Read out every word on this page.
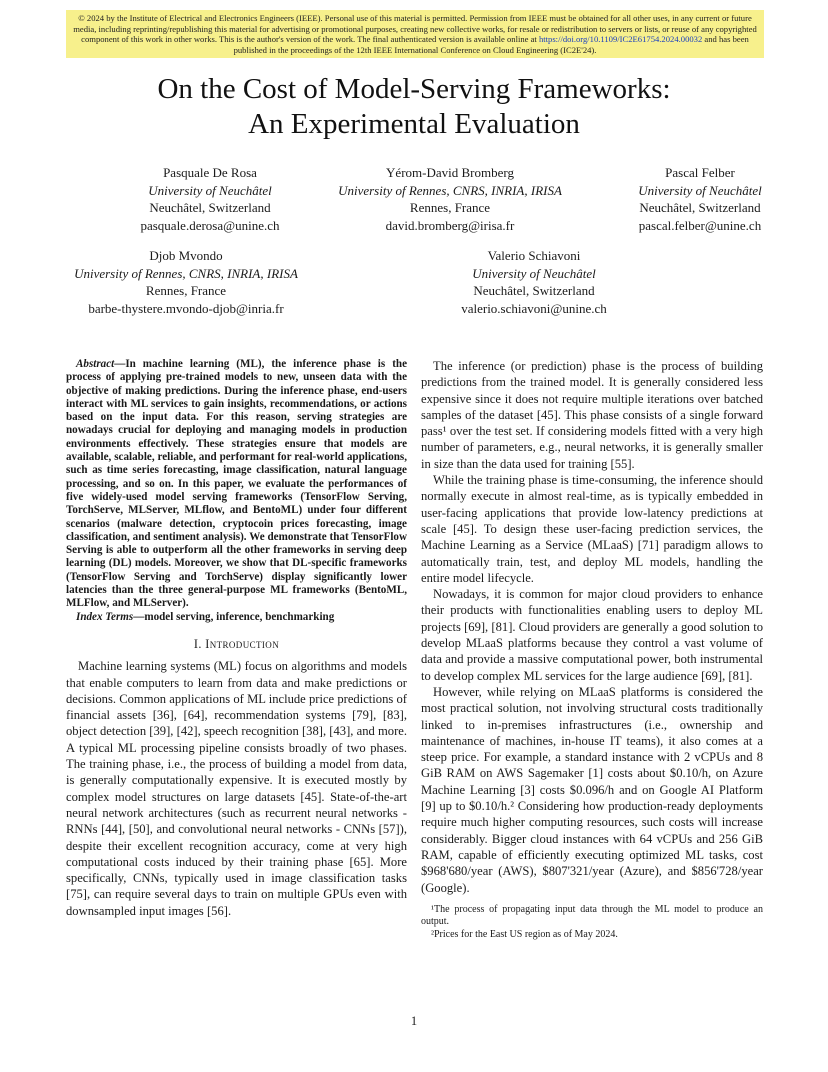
© 2024 by the Institute of Electrical and Electronics Engineers (IEEE). Personal use of this material is permitted. Permission from IEEE must be obtained for all other uses, in any current or future media, including reprinting/republishing this material for advertising or promotional purposes, creating new collective works, for resale or redistribution to servers or lists, or reuse of any copyrighted component of this work in other works. This is the author's version of the work. The final authenticated version is available online at https://doi.org/10.1109/IC2E61754.2024.00032 and has been published in the proceedings of the 12th IEEE International Conference on Cloud Engineering (IC2E'24).
On the Cost of Model-Serving Frameworks:
An Experimental Evaluation
Pasquale De Rosa
University of Neuchâtel
Neuchâtel, Switzerland
pasquale.derosa@unine.ch
Yérom-David Bromberg
University of Rennes, CNRS, INRIA, IRISA
Rennes, France
david.bromberg@irisa.fr
Pascal Felber
University of Neuchâtel
Neuchâtel, Switzerland
pascal.felber@unine.ch
Djob Mvondo
University of Rennes, CNRS, INRIA, IRISA
Rennes, France
barbe-thystere.mvondo-djob@inria.fr
Valerio Schiavoni
University of Neuchâtel
Neuchâtel, Switzerland
valerio.schiavoni@unine.ch

Abstract—In machine learning (ML), the inference phase is the process of applying pre-trained models to new, unseen data with the objective of making predictions. During the inference phase, end-users interact with ML services to gain insights, recommendations, or actions based on the input data. For this reason, serving strategies are nowadays crucial for deploying and managing models in production environments effectively. These strategies ensure that models are available, scalable, reliable, and performant for real-world applications, such as time series forecasting, image classification, natural language processing, and so on. In this paper, we evaluate the performances of five widely-used model serving frameworks (TensorFlow Serving, TorchServe, MLServer, MLflow, and BentoML) under four different scenarios (malware detection, cryptocoin prices forecasting, image classification, and sentiment analysis). We demonstrate that TensorFlow Serving is able to outperform all the other frameworks in serving deep learning (DL) models. Moreover, we show that DL-specific frameworks (TensorFlow Serving and TorchServe) display significantly lower latencies than the three general-purpose ML frameworks (BentoML, MLFlow, and MLServer).

Index Terms—model serving, inference, benchmarking

I. Introduction

Machine learning systems (ML) focus on algorithms and models that enable computers to learn from data and make predictions or decisions. Common applications of ML include price predictions of financial assets [36], [64], recommendation systems [79], [83], object detection [39], [42], speech recognition [38], [43], and more. A typical ML processing pipeline consists broadly of two phases. The training phase, i.e., the process of building a model from data, is generally computationally expensive. It is executed mostly by complex model structures on large datasets [45]. State-of-the-art neural network architectures (such as recurrent neural networks - RNNs [44], [50], and convolutional neural networks - CNNs [57]), despite their excellent recognition accuracy, come at very high computational costs induced by their training phase [65]. More specifically, CNNs, typically used in image classification tasks [75], can require several days to train on multiple GPUs even with downsampled input images [56].

The inference (or prediction) phase is the process of building predictions from the trained model. It is generally considered less expensive since it does not require multiple iterations over batched samples of the dataset [45]. This phase consists of a single forward pass¹ over the test set. If considering models fitted with a very high number of parameters, e.g., neural networks, it is generally smaller in size than the data used for training [55].

While the training phase is time-consuming, the inference should normally execute in almost real-time, as is typically embedded in user-facing applications that provide low-latency predictions at scale [45]. To design these user-facing prediction services, the Machine Learning as a Service (MLaaS) [71] paradigm allows to automatically train, test, and deploy ML models, handling the entire model lifecycle.

Nowadays, it is common for major cloud providers to enhance their products with functionalities enabling users to deploy ML projects [69], [81]. Cloud providers are generally a good solution to develop MLaaS platforms because they control a vast volume of data and provide a massive computational power, both instrumental to develop complex ML services for the large audience [69], [81].

However, while relying on MLaaS platforms is considered the most practical solution, not involving structural costs traditionally linked to in-premises infrastructures (i.e., ownership and maintenance of machines, in-house IT teams), it also comes at a steep price. For example, a standard instance with 2 vCPUs and 8 GiB RAM on AWS Sagemaker [1] costs about $0.10/h, on Azure Machine Learning [3] costs $0.096/h and on Google AI Platform [9] up to $0.10/h.² Considering how production-ready deployments require much higher computing resources, such costs will increase considerably. Bigger cloud instances with 64 vCPUs and 256 GiB RAM, capable of efficiently executing optimized ML tasks, cost $968'680/year (AWS), $807'321/year (Azure), and $856'728/year (Google).

¹The process of propagating input data through the ML model to produce an output.

²Prices for the East US region as of May 2024.

1
